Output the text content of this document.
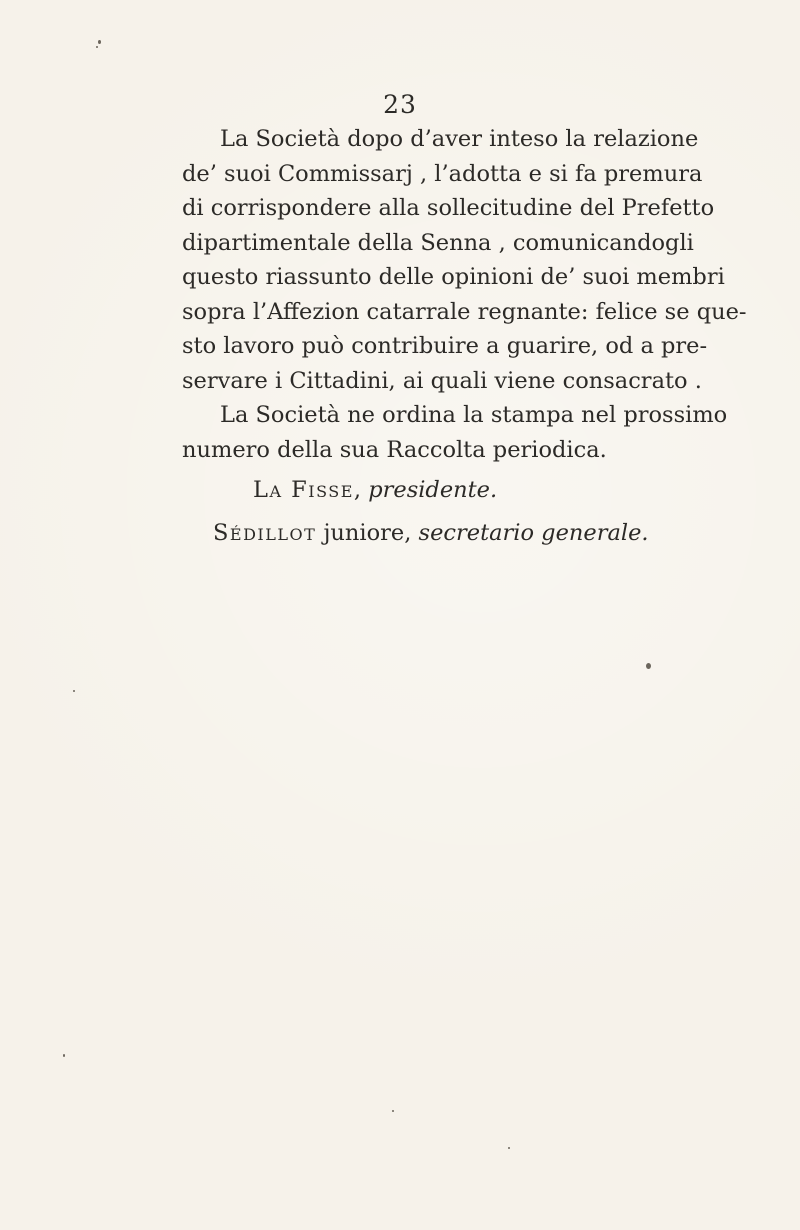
23
La Società dopo d’aver inteso la relazione
de’ suoi Commissarj , l’adotta e si fa premura
di corrispondere alla sollecitudine del Prefetto
dipartimentale della Senna , comunicandogli
questo riassunto delle opinioni de’ suoi membri
sopra l’Affezion catarrale regnante: felice se que-
sto lavoro può contribuire a guarire, od a pre-
servare i Cittadini, ai quali viene consacrato .
La Società ne ordina la stampa nel prossimo
numero della sua Raccolta periodica.
La Fisse, presidente.
Sédillot juniore, secretario generale.
